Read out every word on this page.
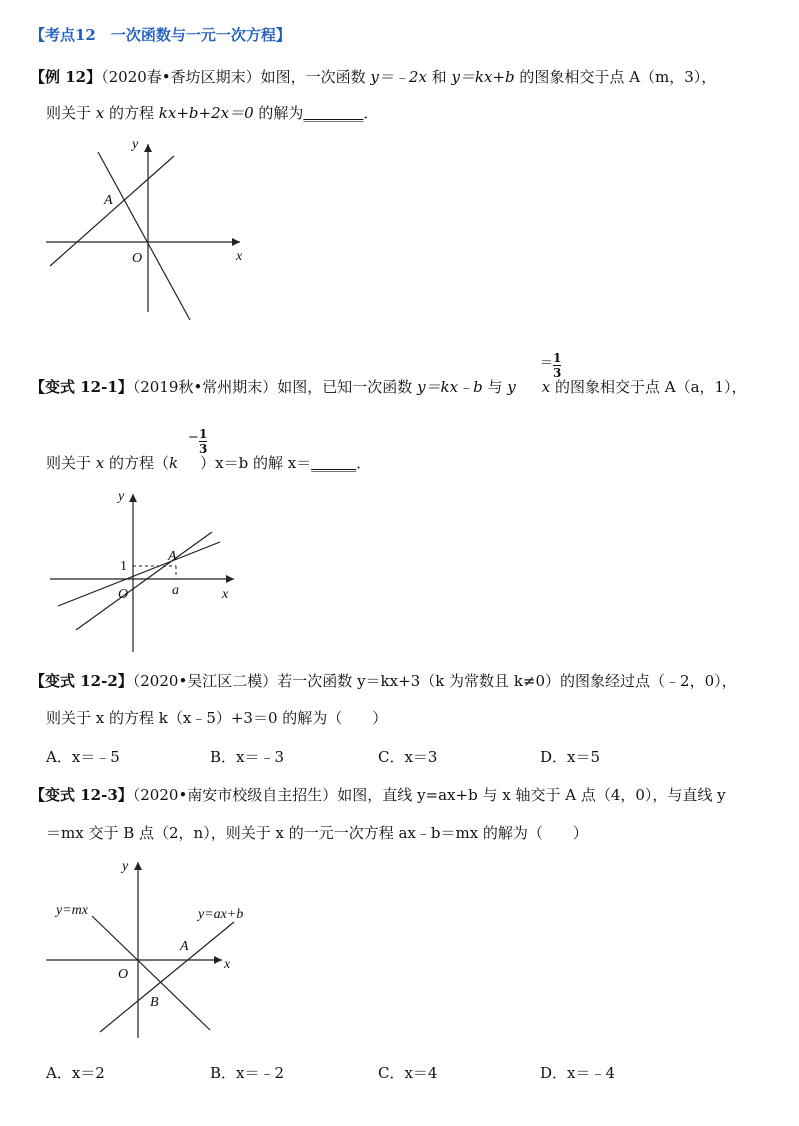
【考点12　一次函数与一元一次方程】
【例 12】（2020春•香坊区期末）如图，一次函数 y＝﹣2x 和 y＝kx+b 的图象相交于点 A（m，3），
则关于 x 的方程 kx+b+2x＝0 的解为________．
y
x
O
A
【变式 12-1】（2019秋•常州期末）如图，已知一次函数 y＝kx﹣b 与 y x 的图象相交于点 A（a，1），
＝ 1
3
则关于 x 的方程（k ）x＝b 的解 x＝______．
− 1
3
y
x
O
A
1
a
【变式 12-2】（2020•吴江区二模）若一次函数 y＝kx+3（k 为常数且 k≠0）的图象经过点（﹣2，0），
则关于 x 的方程 k（x﹣5）+3＝0 的解为（　　）
A．x＝﹣5	B．x＝﹣3	C．x＝3	D．x＝5
【变式 12-3】（2020•南安市校级自主招生）如图，直线 y=ax+b 与 x 轴交于 A 点（4，0），与直线 y
＝mx 交于 B 点（2，n），则关于 x 的一元一次方程 ax﹣b＝mx 的解为（　　）
y
x
O
A
B
y=mx	y=ax+b
A．x＝2	B．x＝﹣2	C．x＝4	D．x＝﹣4
